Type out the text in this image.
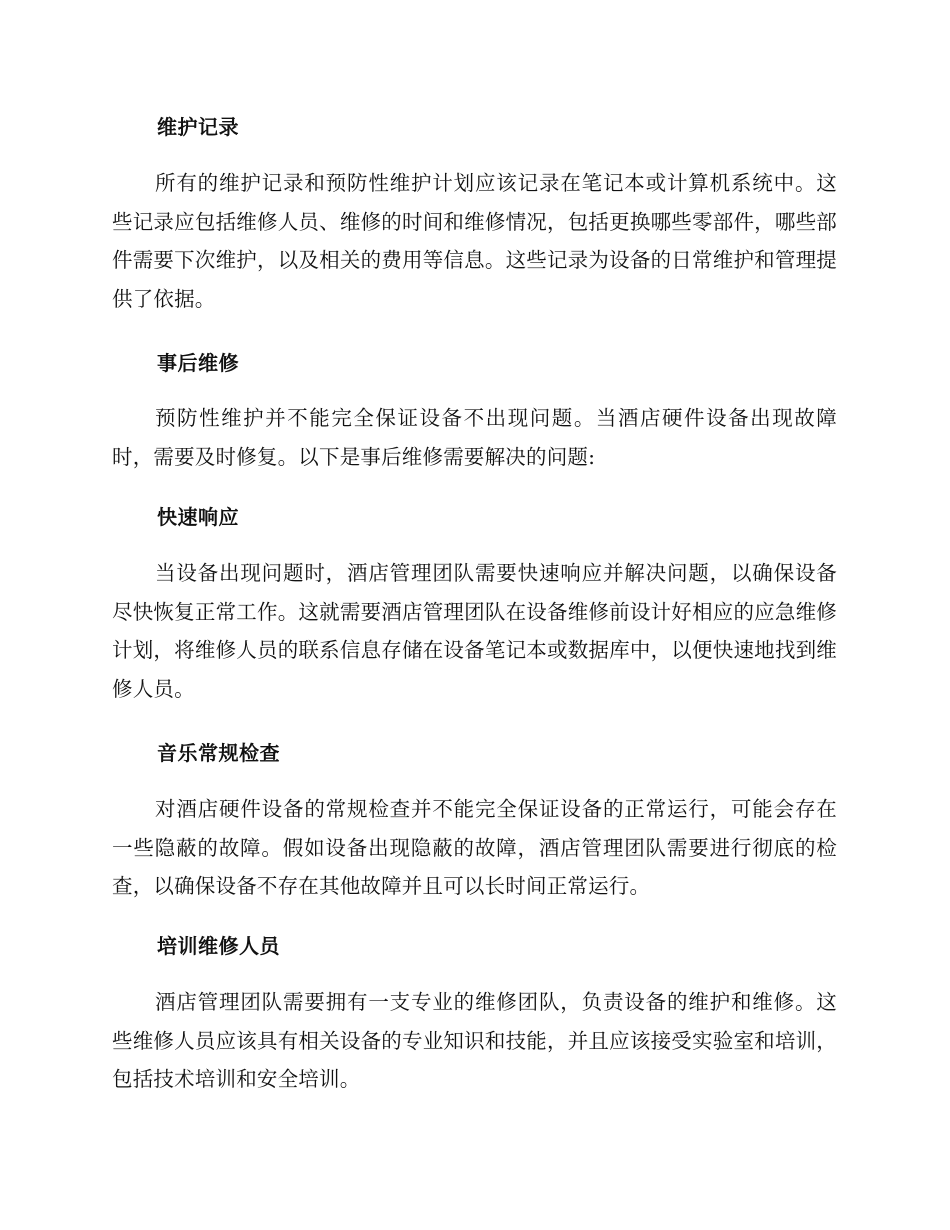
维护记录
所有的维护记录和预防性维护计划应该记录在笔记本或计算机系统中。这些记录应包括维修人员、维修的时间和维修情况，包括更换哪些零部件，哪些部件需要下次维护，以及相关的费用等信息。这些记录为设备的日常维护和管理提供了依据。
事后维修
预防性维护并不能完全保证设备不出现问题。当酒店硬件设备出现故障时，需要及时修复。以下是事后维修需要解决的问题:
快速响应
当设备出现问题时，酒店管理团队需要快速响应并解决问题，以确保设备尽快恢复正常工作。这就需要酒店管理团队在设备维修前设计好相应的应急维修计划，将维修人员的联系信息存储在设备笔记本或数据库中，以便快速地找到维修人员。
音乐常规检查
对酒店硬件设备的常规检查并不能完全保证设备的正常运行，可能会存在一些隐蔽的故障。假如设备出现隐蔽的故障，酒店管理团队需要进行彻底的检查，以确保设备不存在其他故障并且可以长时间正常运行。
培训维修人员
酒店管理团队需要拥有一支专业的维修团队，负责设备的维护和维修。这些维修人员应该具有相关设备的专业知识和技能，并且应该接受实验室和培训，包括技术培训和安全培训。
